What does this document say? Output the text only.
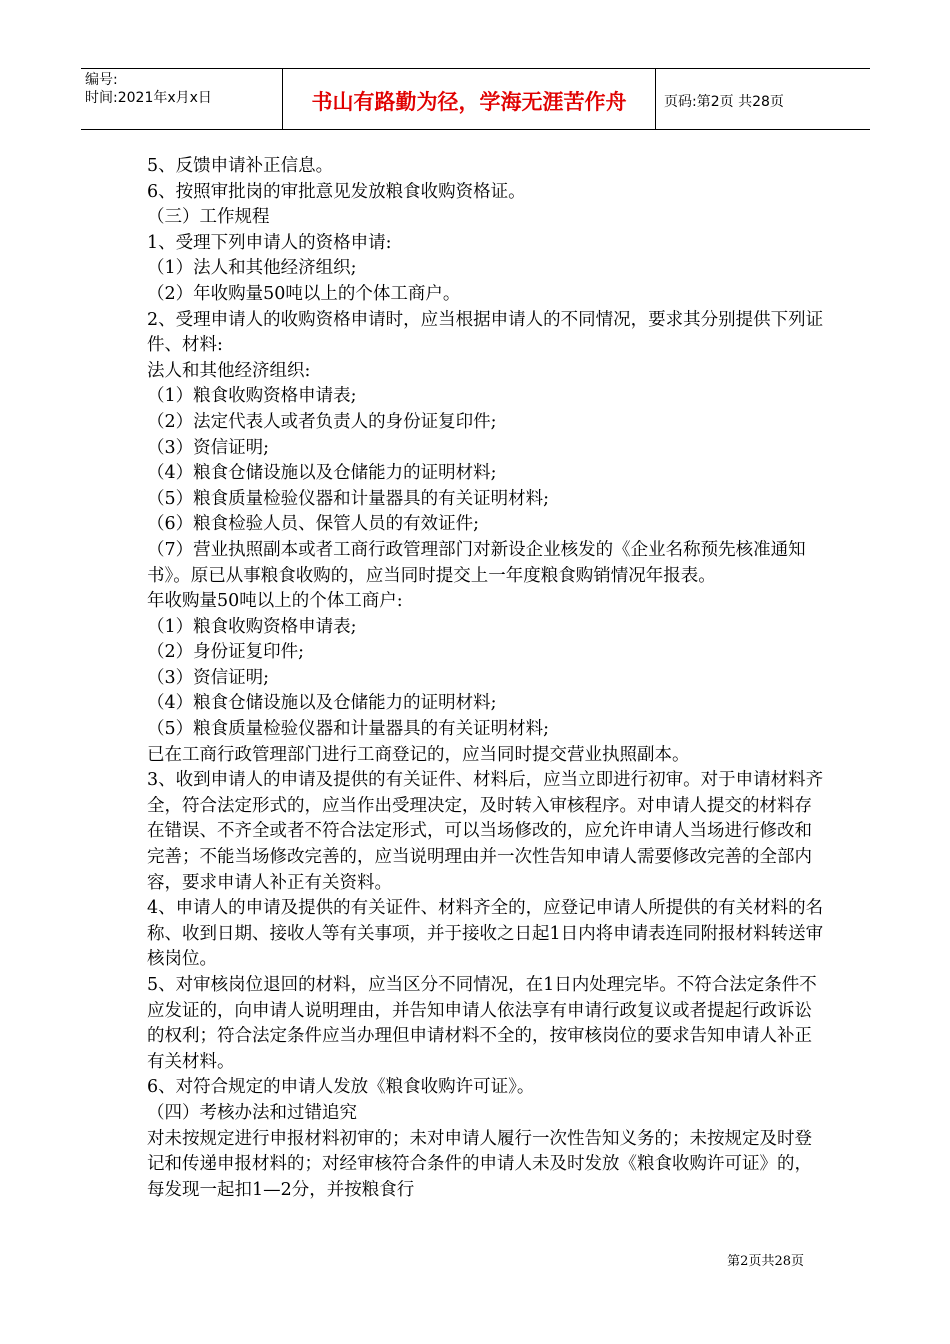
编号:
时间:2021年x月x日	书山有路勤为径，学海无涯苦作舟	页码:第2页 共28页

5、反馈申请补正信息。

6、按照审批岗的审批意见发放粮食收购资格证。

（三）工作规程

1、受理下列申请人的资格申请:

（1）法人和其他经济组织;

（2）年收购量50吨以上的个体工商户。

2、受理申请人的收购资格申请时，应当根据申请人的不同情况，要求其分别提供下列证件、材料:

法人和其他经济组织:

（1）粮食收购资格申请表;

（2）法定代表人或者负责人的身份证复印件;

（3）资信证明;

（4）粮食仓储设施以及仓储能力的证明材料;

（5）粮食质量检验仪器和计量器具的有关证明材料;

（6）粮食检验人员、保管人员的有效证件;

（7）营业执照副本或者工商行政管理部门对新设企业核发的《企业名称预先核准通知书》。原已从事粮食收购的，应当同时提交上一年度粮食购销情况年报表。

年收购量50吨以上的个体工商户:

（1）粮食收购资格申请表;

（2）身份证复印件;

（3）资信证明;

（4）粮食仓储设施以及仓储能力的证明材料;

（5）粮食质量检验仪器和计量器具的有关证明材料;

已在工商行政管理部门进行工商登记的，应当同时提交营业执照副本。

3、收到申请人的申请及提供的有关证件、材料后，应当立即进行初审。对于申请材料齐全，符合法定形式的，应当作出受理决定，及时转入审核程序。对申请人提交的材料存在错误、不齐全或者不符合法定形式，可以当场修改的，应允许申请人当场进行修改和完善；不能当场修改完善的，应当说明理由并一次性告知申请人需要修改完善的全部内容，要求申请人补正有关资料。

4、申请人的申请及提供的有关证件、材料齐全的，应登记申请人所提供的有关材料的名称、收到日期、接收人等有关事项，并于接收之日起1日内将申请表连同附报材料转送审核岗位。

5、对审核岗位退回的材料，应当区分不同情况，在1日内处理完毕。不符合法定条件不应发证的，向申请人说明理由，并告知申请人依法享有申请行政复议或者提起行政诉讼的权利；符合法定条件应当办理但申请材料不全的，按审核岗位的要求告知申请人补正有关材料。

6、对符合规定的申请人发放《粮食收购许可证》。

（四）考核办法和过错追究

对未按规定进行申报材料初审的；未对申请人履行一次性告知义务的；未按规定及时登记和传递申报材料的；对经审核符合条件的申请人未及时发放《粮食收购许可证》的，每发现一起扣1—2分，并按粮食行

第2页共28页
